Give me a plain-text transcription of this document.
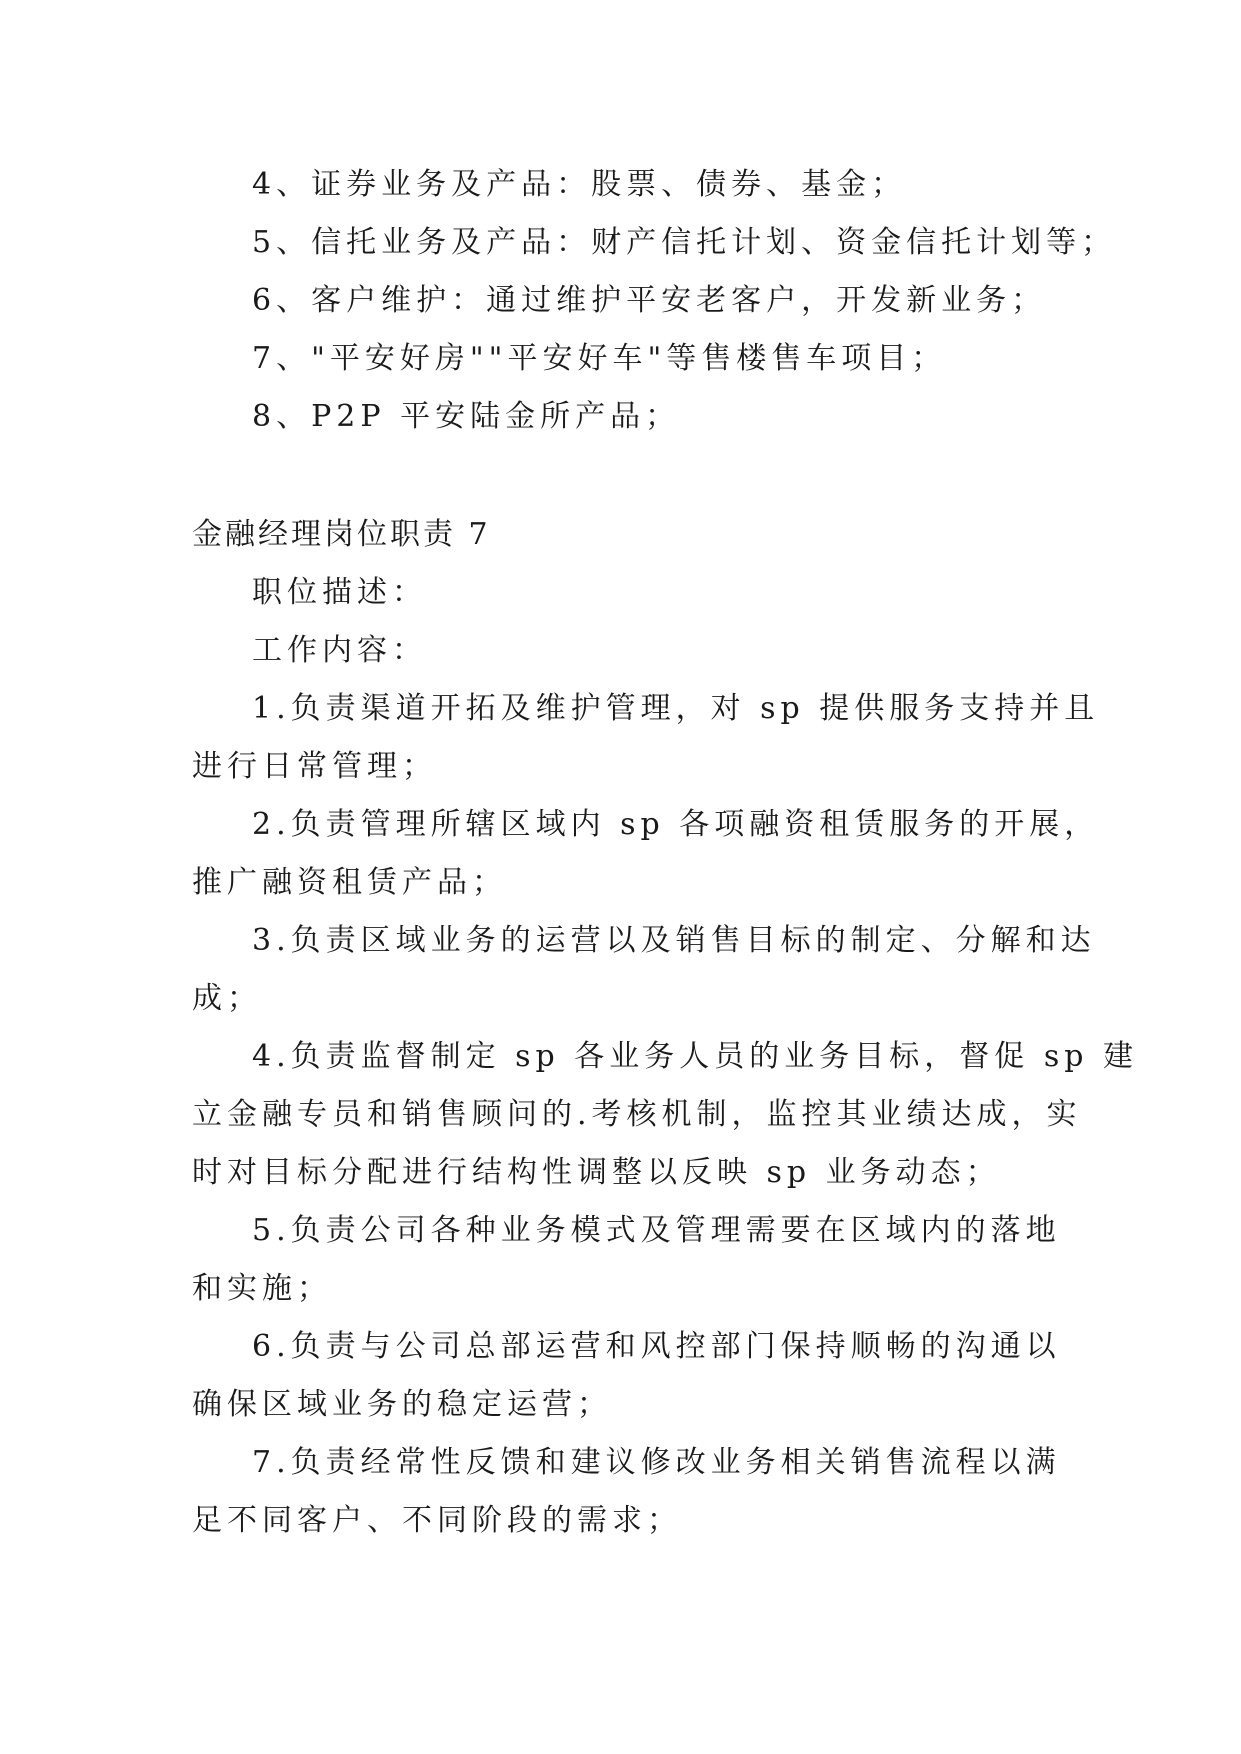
4、证券业务及产品：股票、债券、基金；
5、信托业务及产品：财产信托计划、资金信托计划等；
6、客户维护：通过维护平安老客户，开发新业务；
7、"平安好房""平安好车"等售楼售车项目；
8、P2P 平安陆金所产品；
金融经理岗位职责 7
职位描述：
工作内容：
1.负责渠道开拓及维护管理，对 sp 提供服务支持并且
进行日常管理；
2.负责管理所辖区域内 sp 各项融资租赁服务的开展，
推广融资租赁产品；
3.负责区域业务的运营以及销售目标的制定、分解和达
成；
4.负责监督制定 sp 各业务人员的业务目标，督促 sp 建
立金融专员和销售顾问的.考核机制，监控其业绩达成，实
时对目标分配进行结构性调整以反映 sp 业务动态；
5.负责公司各种业务模式及管理需要在区域内的落地
和实施；
6.负责与公司总部运营和风控部门保持顺畅的沟通以
确保区域业务的稳定运营；
7.负责经常性反馈和建议修改业务相关销售流程以满
足不同客户、不同阶段的需求；
